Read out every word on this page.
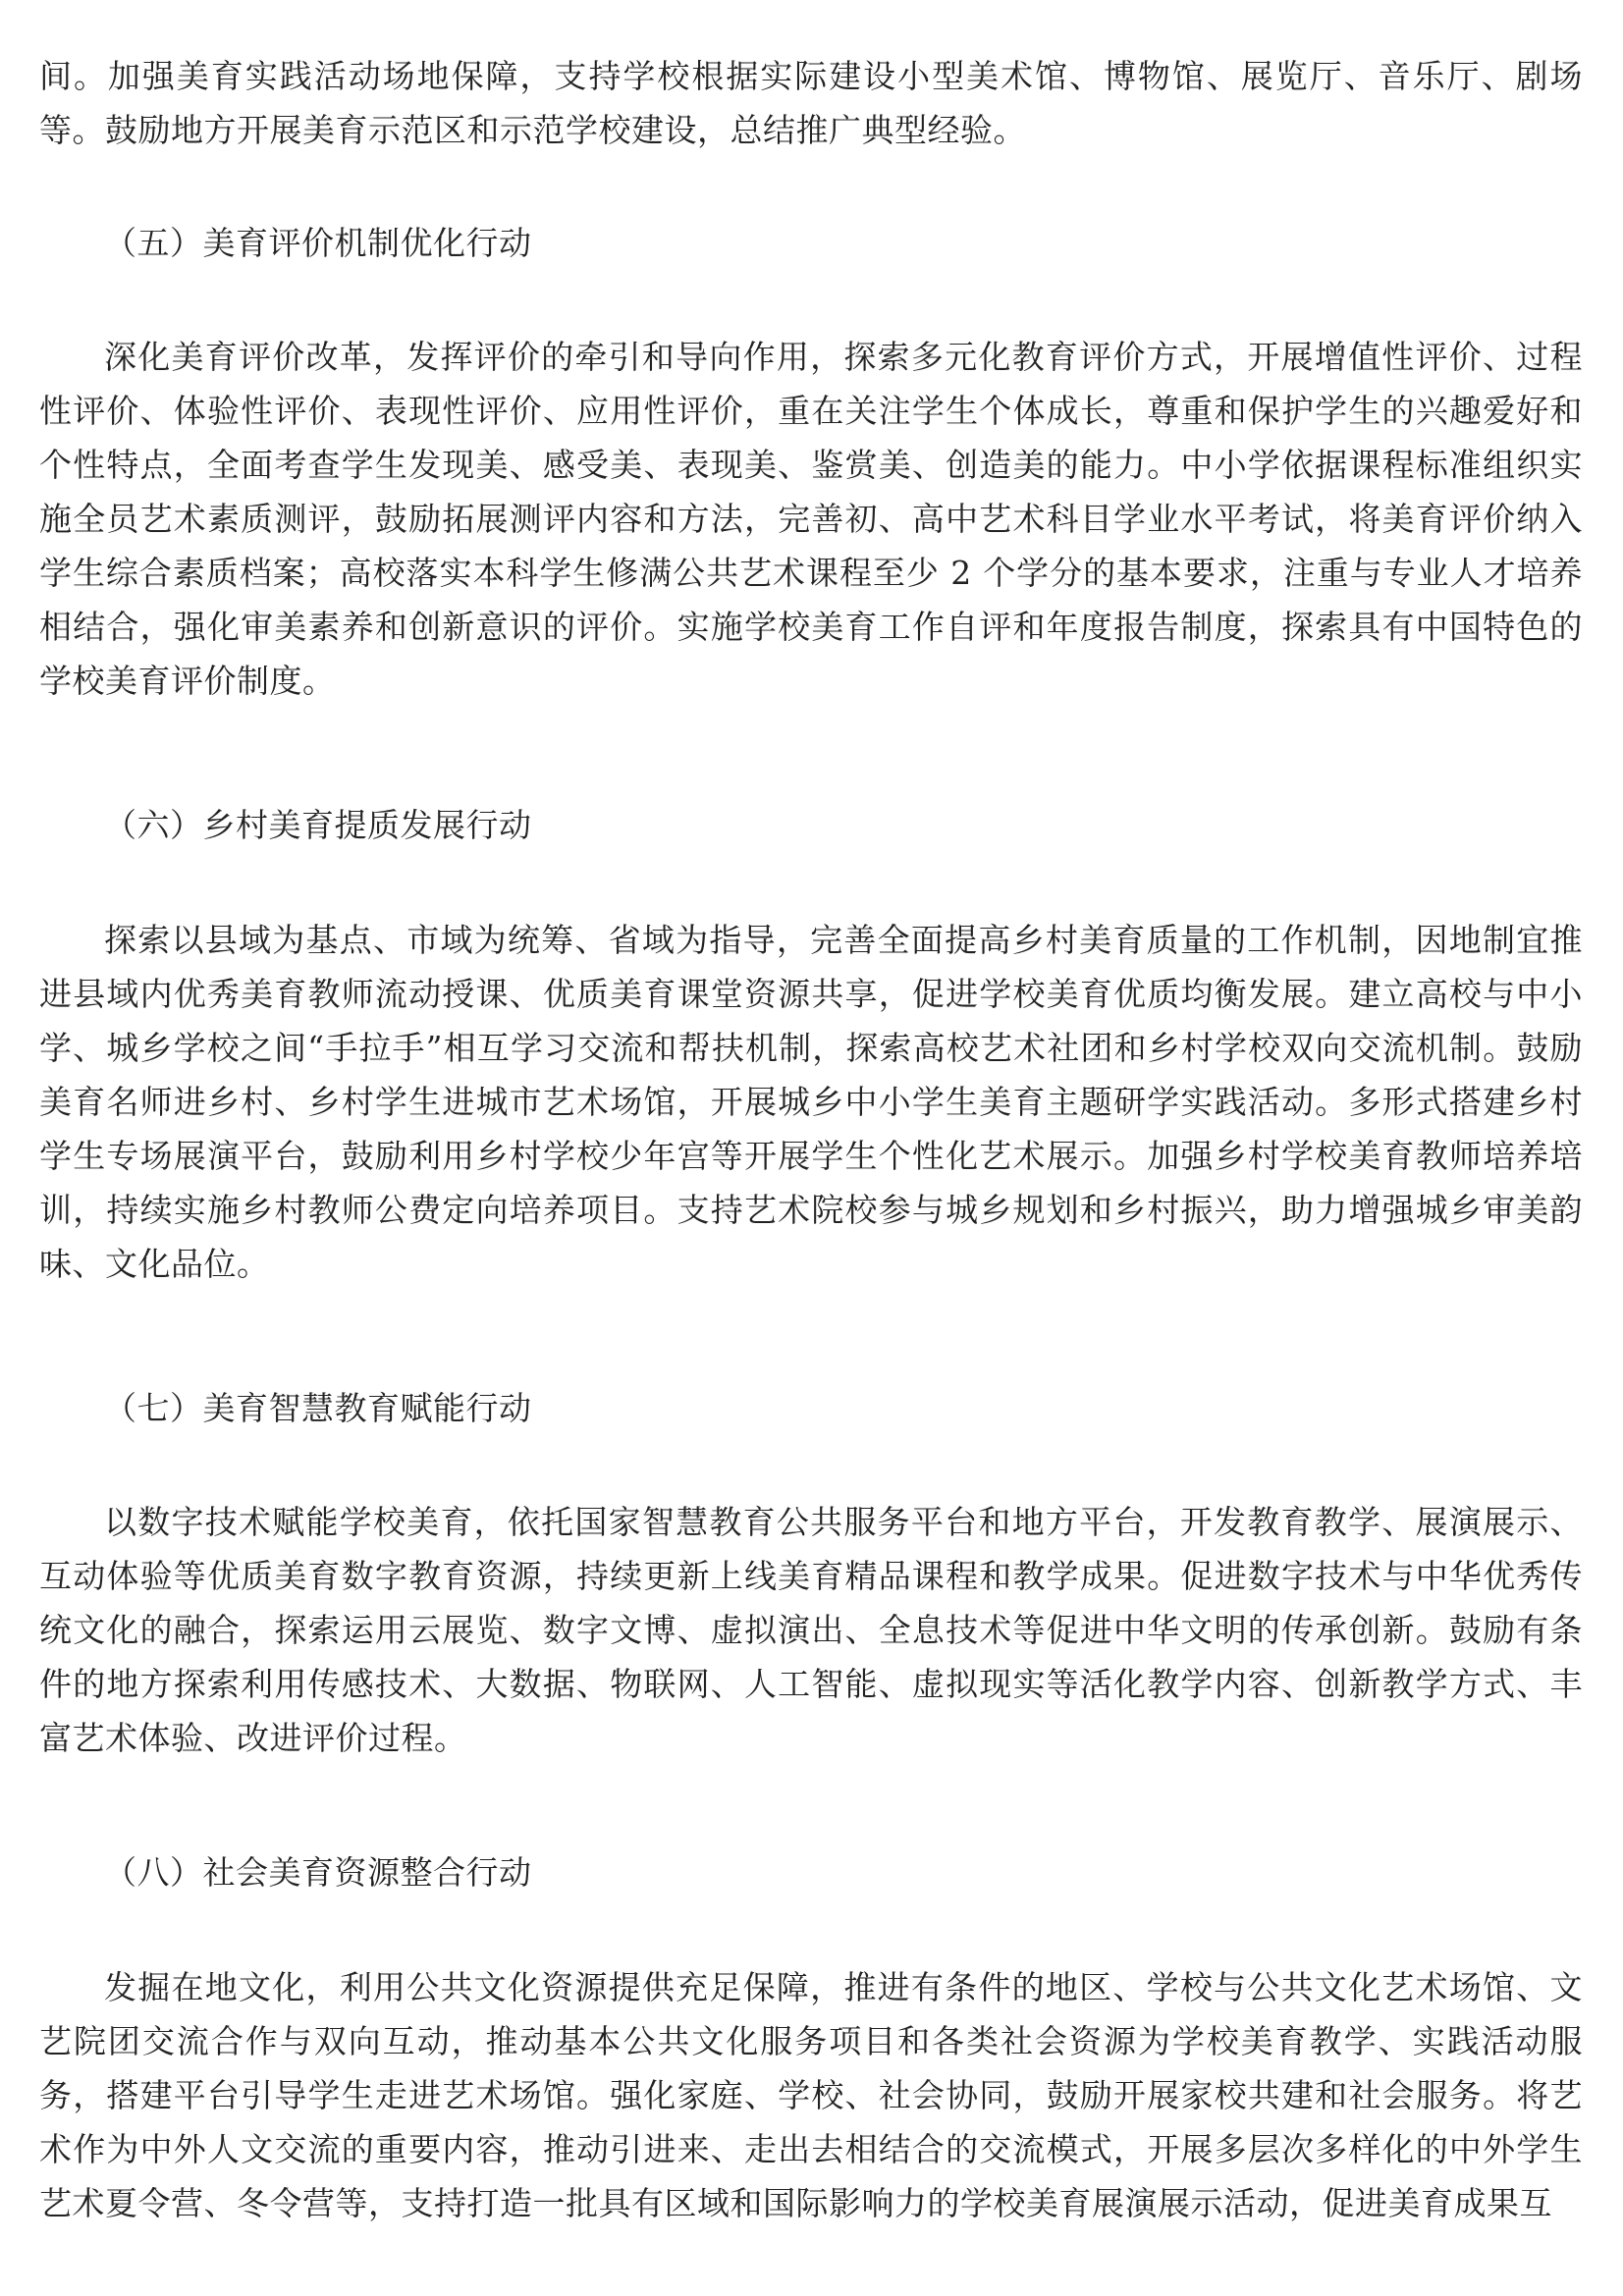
间。加强美育实践活动场地保障，支持学校根据实际建设小型美术馆、博物馆、展览厅、音乐厅、剧场等。鼓励地方开展美育示范区和示范学校建设，总结推广典型经验。

（五）美育评价机制优化行动

深化美育评价改革，发挥评价的牵引和导向作用，探索多元化教育评价方式，开展增值性评价、过程性评价、体验性评价、表现性评价、应用性评价，重在关注学生个体成长，尊重和保护学生的兴趣爱好和个性特点，全面考查学生发现美、感受美、表现美、鉴赏美、创造美的能力。中小学依据课程标准组织实施全员艺术素质测评，鼓励拓展测评内容和方法，完善初、高中艺术科目学业水平考试，将美育评价纳入学生综合素质档案；高校落实本科学生修满公共艺术课程至少 2 个学分的基本要求，注重与专业人才培养相结合，强化审美素养和创新意识的评价。实施学校美育工作自评和年度报告制度，探索具有中国特色的学校美育评价制度。

（六）乡村美育提质发展行动

探索以县域为基点、市域为统筹、省域为指导，完善全面提高乡村美育质量的工作机制，因地制宜推进县域内优秀美育教师流动授课、优质美育课堂资源共享，促进学校美育优质均衡发展。建立高校与中小学、城乡学校之间“手拉手”相互学习交流和帮扶机制，探索高校艺术社团和乡村学校双向交流机制。鼓励美育名师进乡村、乡村学生进城市艺术场馆，开展城乡中小学生美育主题研学实践活动。多形式搭建乡村学生专场展演平台，鼓励利用乡村学校少年宫等开展学生个性化艺术展示。加强乡村学校美育教师培养培训，持续实施乡村教师公费定向培养项目。支持艺术院校参与城乡规划和乡村振兴，助力增强城乡审美韵味、文化品位。

（七）美育智慧教育赋能行动

以数字技术赋能学校美育，依托国家智慧教育公共服务平台和地方平台，开发教育教学、展演展示、互动体验等优质美育数字教育资源，持续更新上线美育精品课程和教学成果。促进数字技术与中华优秀传统文化的融合，探索运用云展览、数字文博、虚拟演出、全息技术等促进中华文明的传承创新。鼓励有条件的地方探索利用传感技术、大数据、物联网、人工智能、虚拟现实等活化教学内容、创新教学方式、丰富艺术体验、改进评价过程。

（八）社会美育资源整合行动

发掘在地文化，利用公共文化资源提供充足保障，推进有条件的地区、学校与公共文化艺术场馆、文艺院团交流合作与双向互动，推动基本公共文化服务项目和各类社会资源为学校美育教学、实践活动服务，搭建平台引导学生走进艺术场馆。强化家庭、学校、社会协同，鼓励开展家校共建和社会服务。将艺术作为中外人文交流的重要内容，推动引进来、走出去相结合的交流模式，开展多层次多样化的中外学生艺术夏令营、冬令营等，支持打造一批具有区域和国际影响力的学校美育展演展示活动，促进美育成果互
